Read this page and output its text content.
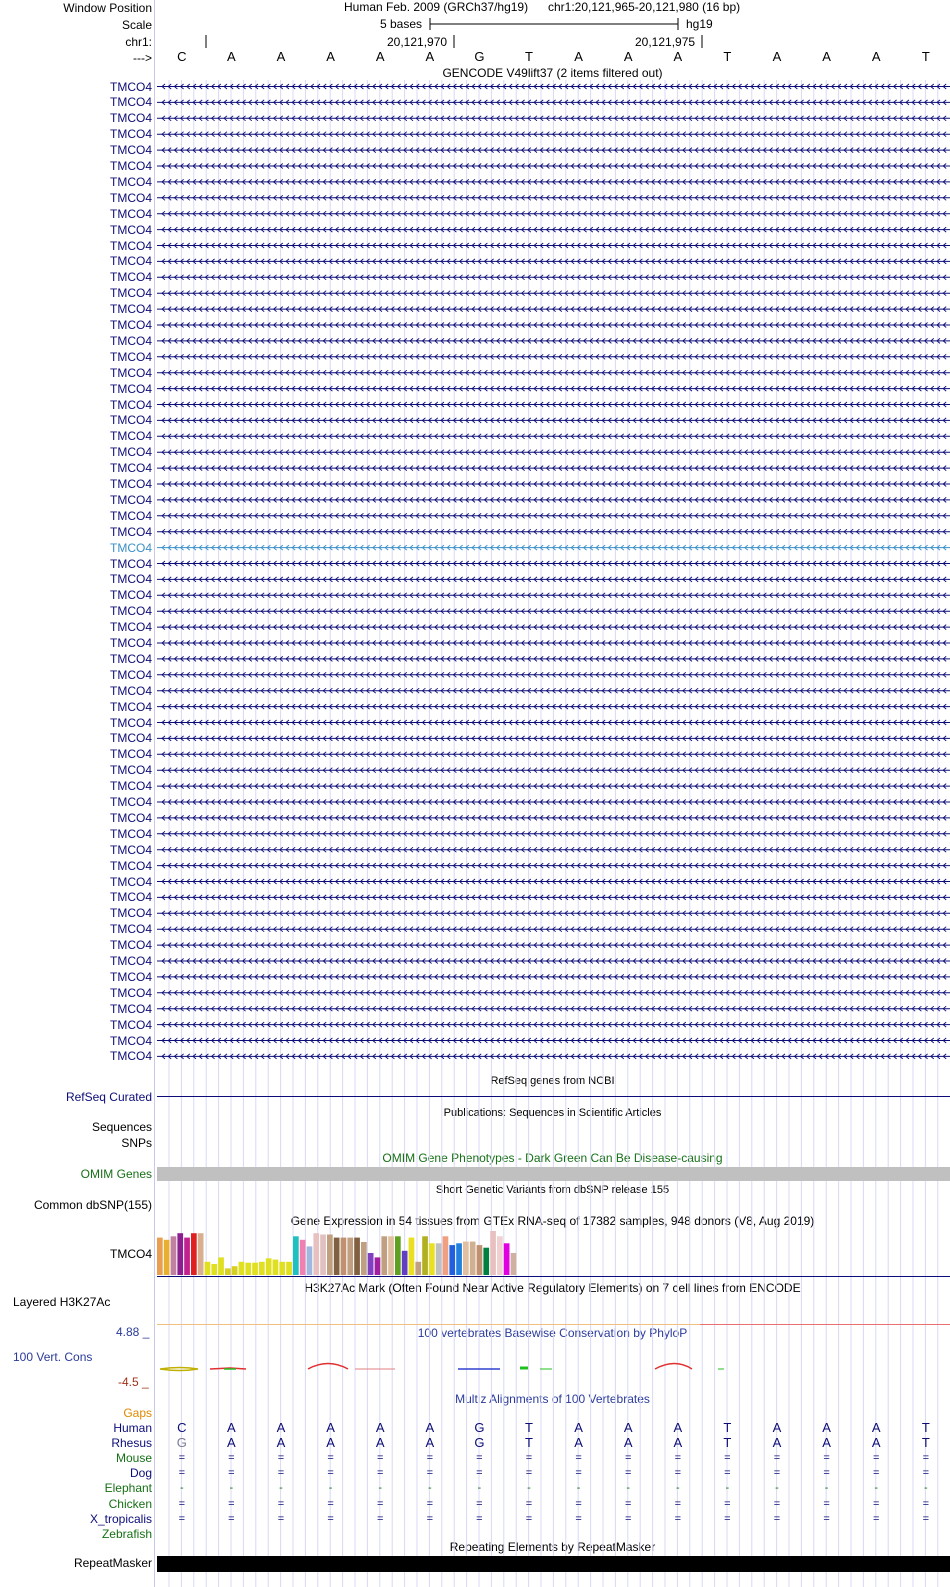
Window Position
Scale
chr1:
--->
Human Feb. 2009 (GRCh37/hg19) chr1:20,121,965-20,121,980 (16 bp)
5 bases	hg19
20,121,970	20,121,975
GENCODE V49lift37 (2 items filtered out)
RefSeq genes from NCBI
RefSeq Curated
Publications: Sequences in Scientific Articles
Sequences
SNPs
OMIM Gene Phenotypes - Dark Green Can Be Disease-causing
OMIM Genes
Short Genetic Variants from dbSNP release 155
Common dbSNP(155)
Gene Expression in 54 tissues from GTEx RNA-seq of 17382 samples, 948 donors (V8, Aug 2019)
TMCO4
H3K27Ac Mark (Often Found Near Active Regulatory Elements) on 7 cell lines from ENCODE
Layered H3K27Ac
4.88 _
100 Vert. Cons
-4.5 _
100 vertebrates Basewise Conservation by PhyloP
Multiz Alignments of 100 Vertebrates
Gaps
Repeating Elements by RepeatMasker
RepeatMasker
C	A	A	A	A	A	G	T	A	A	A	T	A	A	A	T
TMCO4
TMCO4
TMCO4
TMCO4
TMCO4
TMCO4
TMCO4
TMCO4
TMCO4
TMCO4
TMCO4
TMCO4
TMCO4
TMCO4
TMCO4
TMCO4
TMCO4
TMCO4
TMCO4
TMCO4
TMCO4
TMCO4
TMCO4
TMCO4
TMCO4
TMCO4
TMCO4
TMCO4
TMCO4
TMCO4
TMCO4
TMCO4
TMCO4
TMCO4
TMCO4
TMCO4
TMCO4
TMCO4
TMCO4
TMCO4
TMCO4
TMCO4
TMCO4
TMCO4
TMCO4
TMCO4
TMCO4
TMCO4
TMCO4
TMCO4
TMCO4
TMCO4
TMCO4
TMCO4
TMCO4
TMCO4
TMCO4
TMCO4
TMCO4
TMCO4
TMCO4
TMCO4
Human	C	A	A	A	A	A	G	T	A	A	A	T	A	A	A	T
Rhesus	G	A	A	A	A	A	G	T	A	A	A	T	A	A	A	T
Mouse	=	=	=	=	=	=	=	=	=	=	=	=	=	=	=	=
Dog	=	=	=	=	=	=	=	=	=	=	=	=	=	=	=	=
Elephant	-	-	-	-	-	-	-	-	-	-	-	-	-	-	-	-
Chicken	=	=	=	=	=	=	=	=	=	=	=	=	=	=	=	=
X_tropicalis	=	=	=	=	=	=	=	=	=	=	=	=	=	=	=	=
Zebrafish
